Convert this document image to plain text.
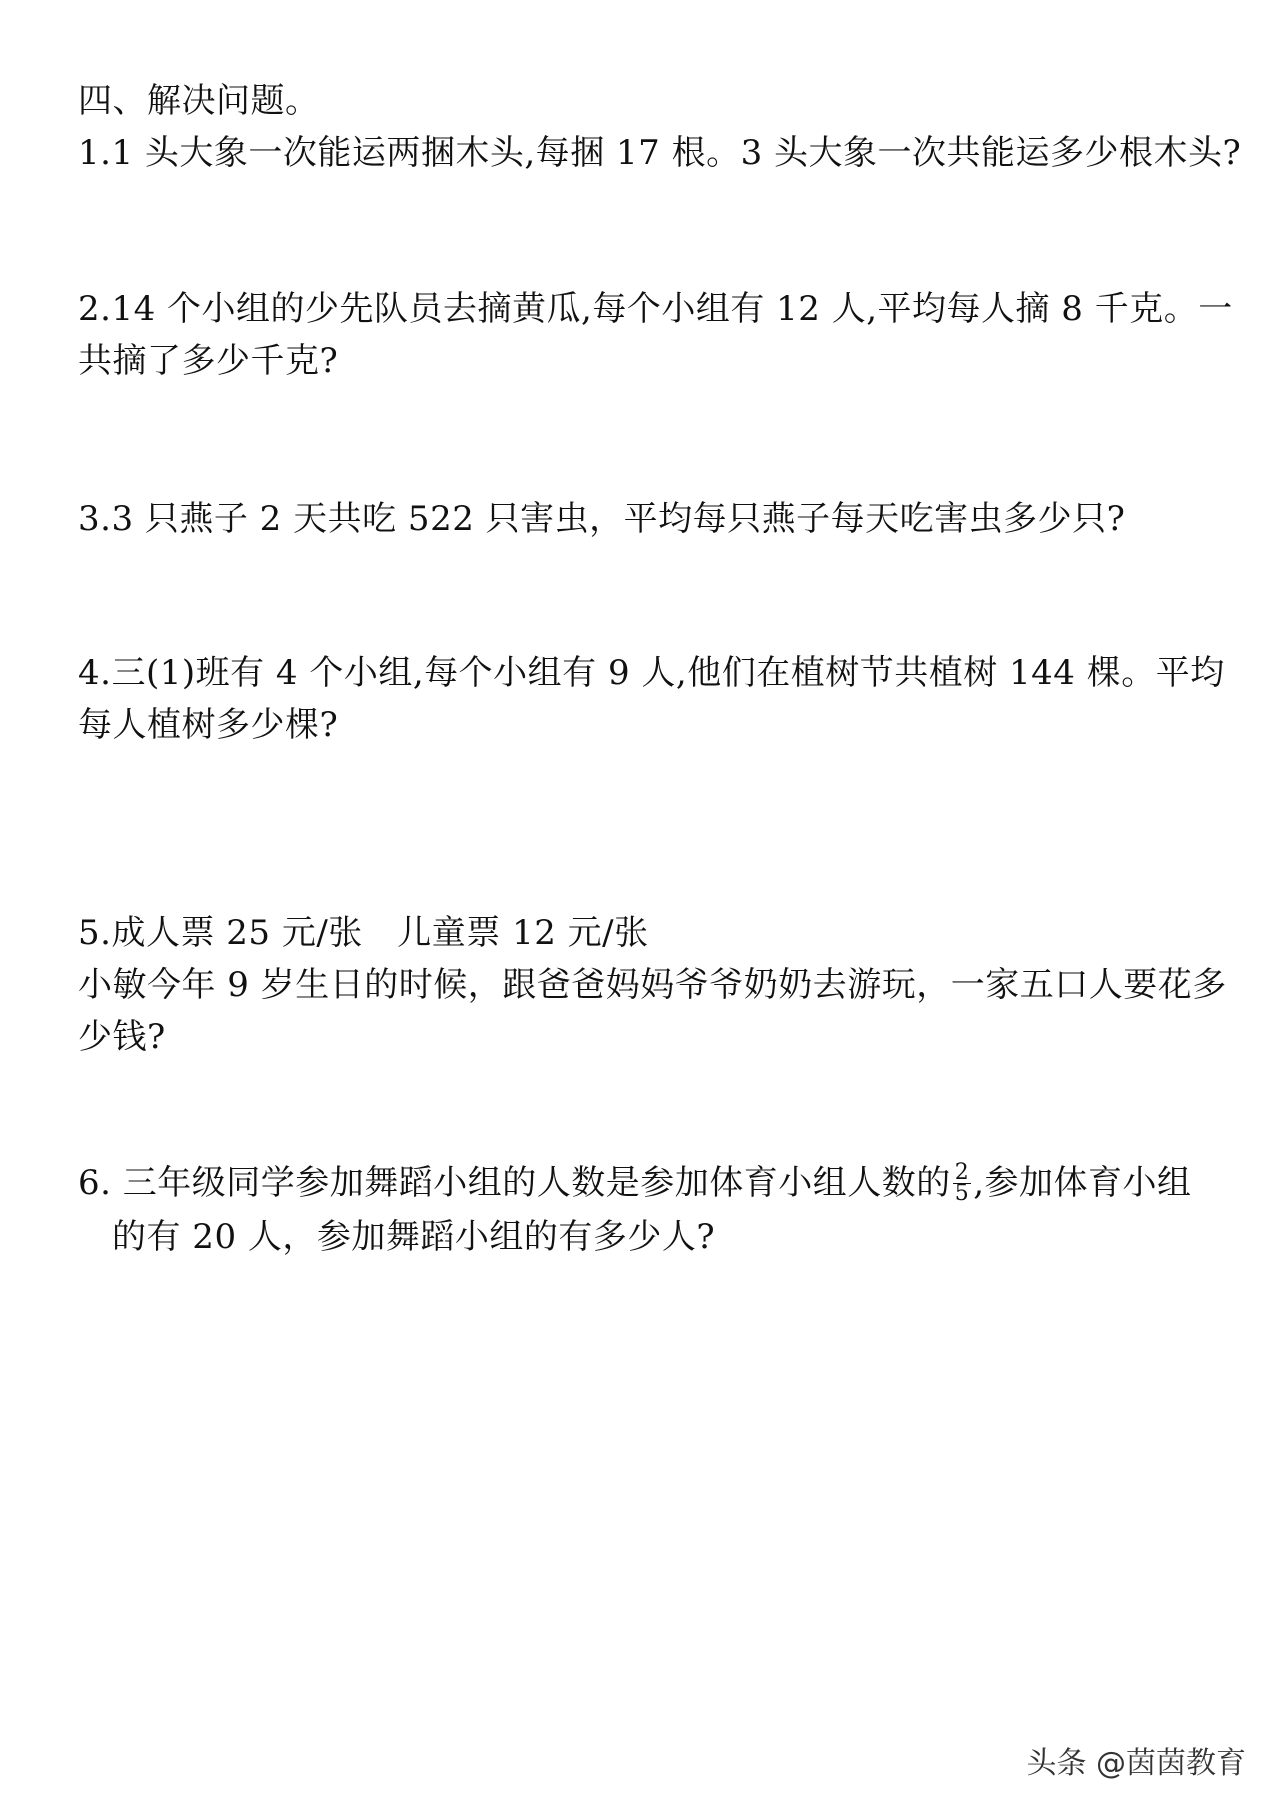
四、解决问题。
1.1 头大象一次能运两捆木头,每捆 17 根。3 头大象一次共能运多少根木头?
2.14 个小组的少先队员去摘黄瓜,每个小组有 12 人,平均每人摘 8 千克。一
共摘了多少千克?
3.3 只燕子 2 天共吃 522 只害虫，平均每只燕子每天吃害虫多少只?
4.三(1)班有 4 个小组,每个小组有 9 人,他们在植树节共植树 144 棵。平均
每人植树多少棵?
5.成人票 25 元/张　儿童票 12 元/张
小敏今年 9 岁生日的时候，跟爸爸妈妈爷爷奶奶去游玩，一家五口人要花多
少钱?
6. 三年级同学参加舞蹈小组的人数是参加体育小组人数的 $\frac{2}{5}$ ,参加体育小组
的有 20 人，参加舞蹈小组的有多少人?
头条 @茵茵教育
